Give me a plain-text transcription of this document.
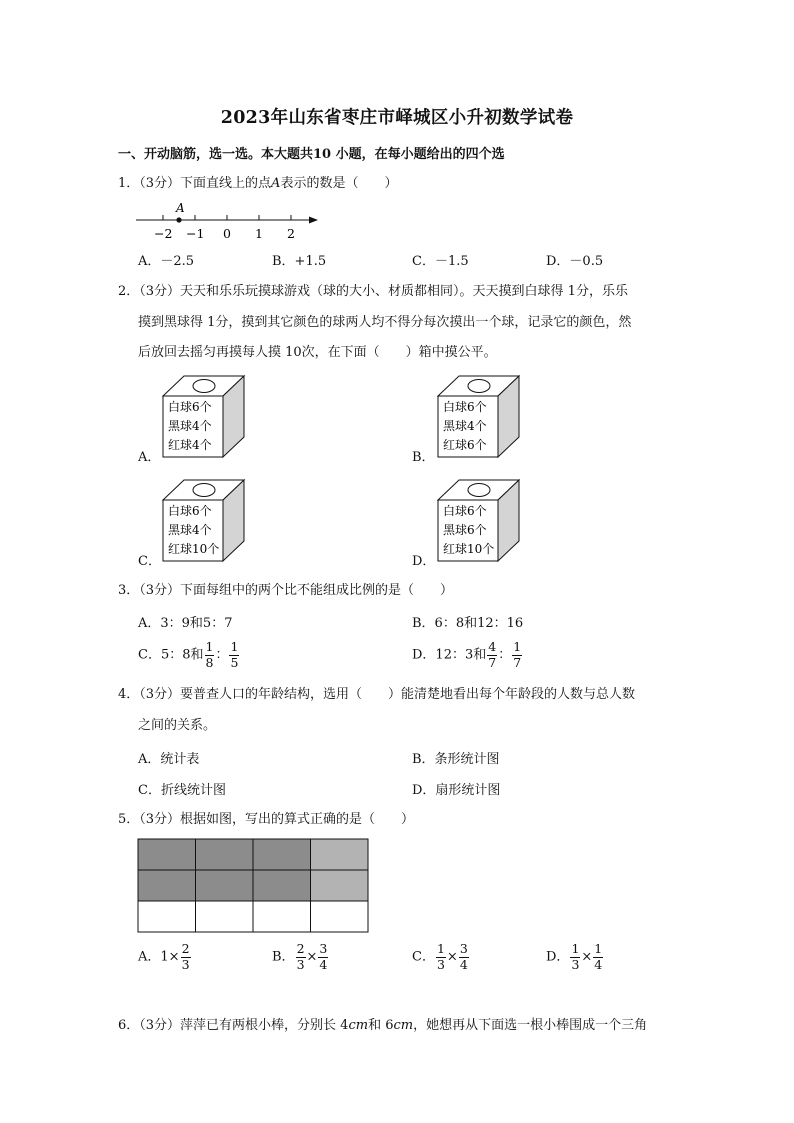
2023年山东省枣庄市峄城区小升初数学试卷
一、开动脑筋，选一选。本大题共10 小题，在每小题给出的四个选
1．（3分）下面直线上的点A表示的数是（　　）
A
−2 −1 0 1 2
A．－2.5	B．+1.5	C．－1.5	D．－0.5
2．（3分）天天和乐乐玩摸球游戏（球的大小、材质都相同）。天天摸到白球得 1分，乐乐
摸到黑球得 1分，摸到其它颜色的球两人均不得分每次摸出一个球，记录它的颜色，然
后放回去摇匀再摸每人摸 10次，在下面（　　）箱中摸公平。
A．
白球6个
黑球4个
红球4个
B．
白球6个
黑球4个
红球6个
C．
白球6个
黑球4个
红球10个
D．
白球6个
黑球6个
红球10个
3．（3分）下面每组中的两个比不能组成比例的是（　　）
A．3：9和5：7	B．6：8和12：16
C．5：8和 $\frac{1}{8}$ ： $\frac{1}{5}$	D．12：3和 $\frac{4}{7}$ ： $\frac{1}{7}$
4．（3分）要普查人口的年龄结构，选用（　　）能清楚地看出每个年龄段的人数与总人数
之间的关系。
A．统计表	B．条形统计图
C．折线统计图	D．扇形统计图
5．（3分）根据如图，写出的算式正确的是（　　）
A．$1\times \frac{2}{3}$	B． $\frac{2}{3} \times \frac{3}{4}$	C． $\frac{1}{3} \times \frac{3}{4}$	D． $\frac{1}{3} \times \frac{1}{4}$
6．（3分）萍萍已有两根小棒，分别长 4cm和 6cm，她想再从下面选一根小棒围成一个三角
